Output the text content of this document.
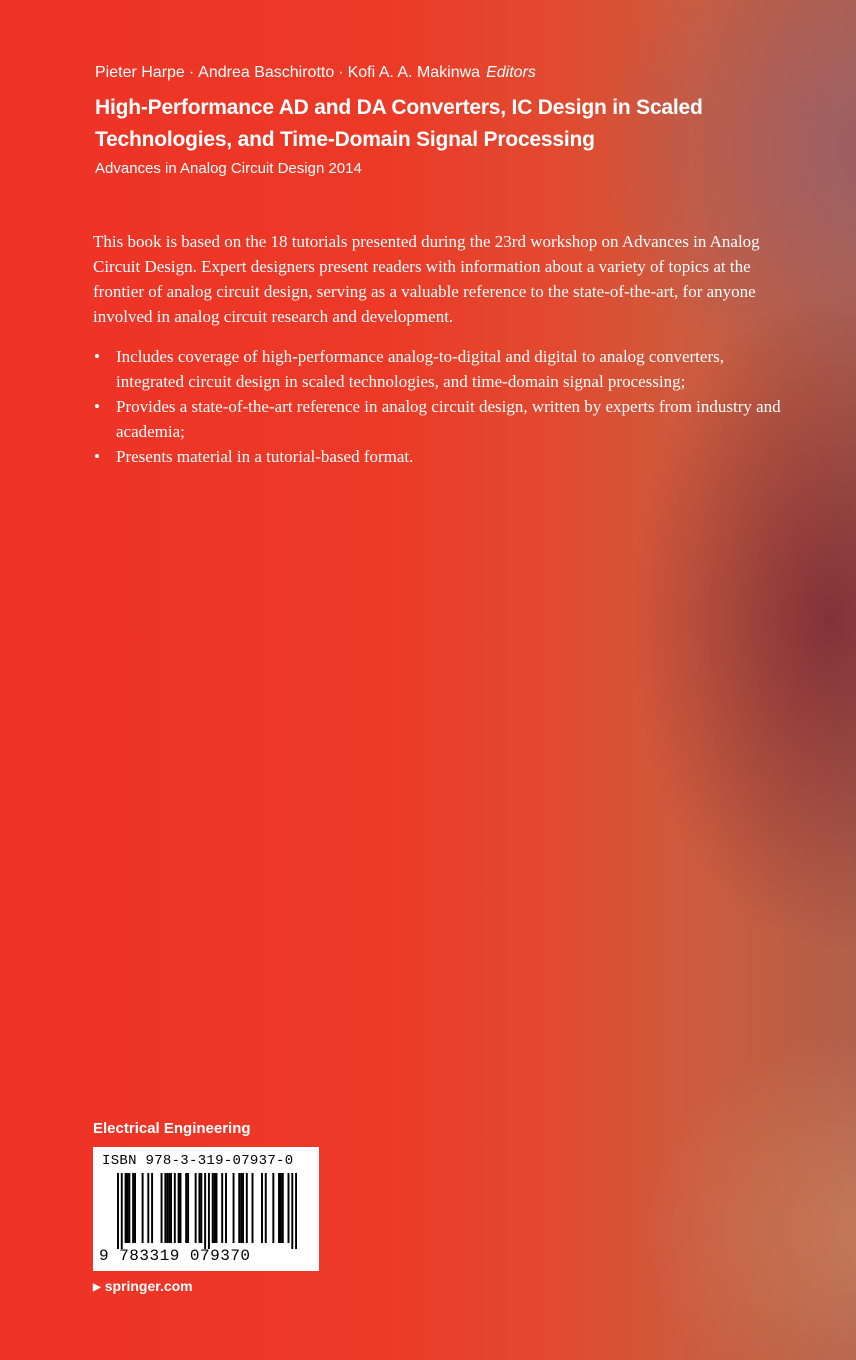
Pieter Harpe · Andrea Baschirotto · Kofi A. A. Makinwa Editors
High-Performance AD and DA Converters, IC Design in Scaled
Technologies, and Time-Domain Signal Processing
Advances in Analog Circuit Design 2014

This book is based on the 18 tutorials presented during the 23rd workshop on Advances in Analog Circuit Design. Expert designers present readers with information about a variety of topics at the frontier of analog circuit design, serving as a valuable reference to the state-of-the-art, for anyone involved in analog circuit research and development.

• Includes coverage of high-performance analog-to-digital and digital to analog converters, integrated circuit design in scaled technologies, and time-domain signal processing;
• Provides a state-of-the-art reference in analog circuit design, written by experts from industry and academia;
• Presents material in a tutorial-based format.
Electrical Engineering
ISBN 978-3-319-07937-0
9 783319 079370
▶ springer.com
